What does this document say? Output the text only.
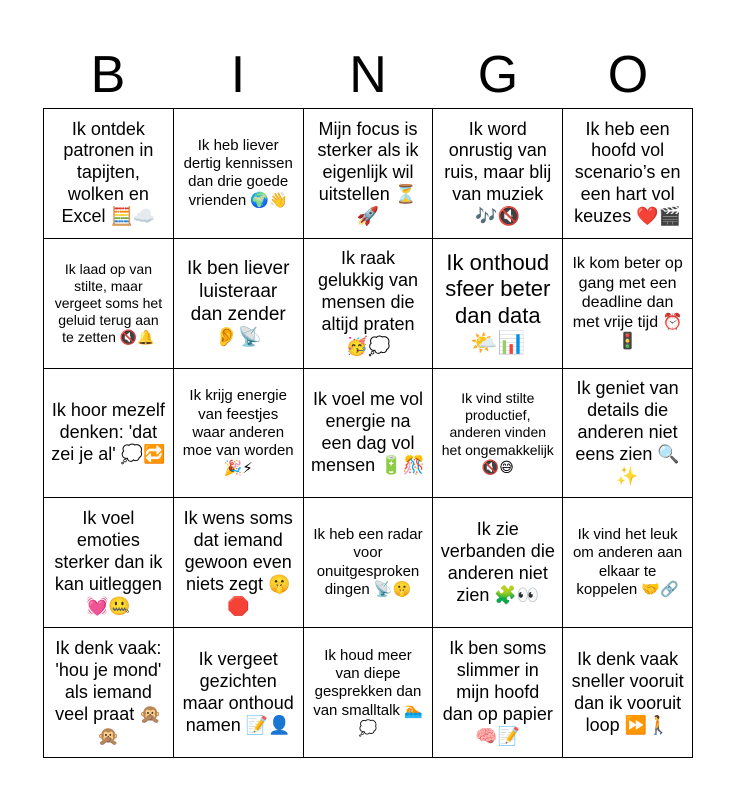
B	I	N	G	O
Ik ontdek patronen in tapijten, wolken en Excel 🧮☁️
Ik heb liever dertig kennissen dan drie goede vrienden 🌍👋
Mijn focus is sterker als ik eigenlijk wil uitstellen ⏳🚀
Ik word onrustig van ruis, maar blij van muziek 🎶🔇
Ik heb een hoofd vol scenario’s en een hart vol keuzes ❤️🎬
Ik laad op van stilte, maar vergeet soms het geluid terug aan te zetten 🔇🔔
Ik ben liever luisteraar dan zender 👂📡
Ik raak gelukkig van mensen die altijd praten 🥳💭
Ik onthoud sfeer beter dan data 🌤️📊
Ik kom beter op gang met een deadline dan met vrije tijd ⏰🚦
Ik hoor mezelf denken: 'dat zei je al' 💭🔁
Ik krijg energie van feestjes waar anderen moe van worden 🎉⚡
Ik voel me vol energie na een dag vol mensen 🔋🎊
Ik vind stilte productief, anderen vinden het ongemakkelijk 🔇😅
Ik geniet van details die anderen niet eens zien 🔍✨
Ik voel emoties sterker dan ik kan uitleggen 💓🤐
Ik wens soms dat iemand gewoon even niets zegt 🤫🛑
Ik heb een radar voor onuitgesproken dingen 📡🤫
Ik zie verbanden die anderen niet zien 🧩👀
Ik vind het leuk om anderen aan elkaar te koppelen 🤝🔗
Ik denk vaak: 'hou je mond' als iemand veel praat 🙊🙊
Ik vergeet gezichten maar onthoud namen 📝👤
Ik houd meer van diepe gesprekken dan van smalltalk 🏊💭
Ik ben soms slimmer in mijn hoofd dan op papier 🧠📝
Ik denk vaak sneller vooruit dan ik vooruit loop ⏩🚶
